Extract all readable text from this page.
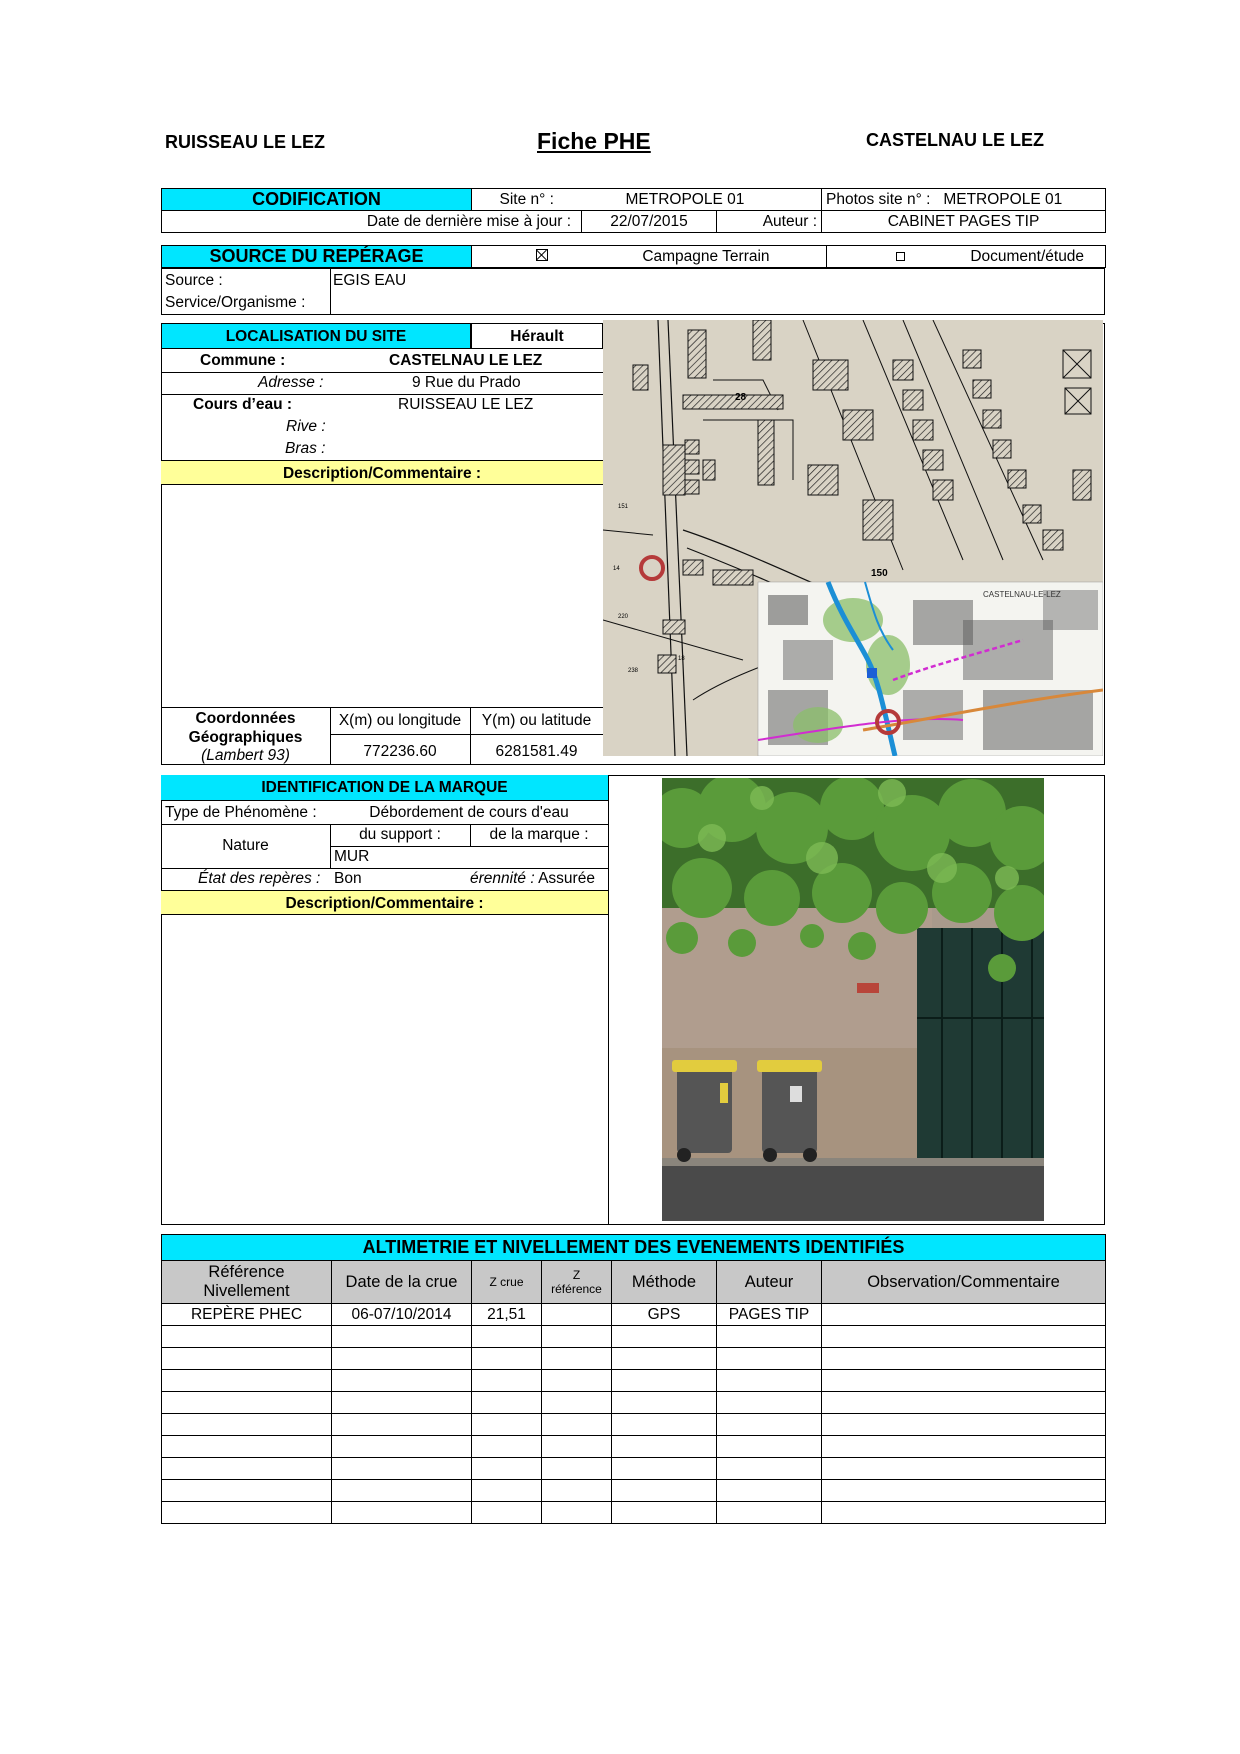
RUISSEAU LE LEZ	Fiche PHE	CASTELNAU LE LEZ
CODIFICATION	Site n° :	METROPOLE 01		Photos site n° : METROPOLE 01
Date de dernière mise à jour :		22/07/2015	Auteur :	CABINET PAGES TIP
SOURCE DU REPÉRAGE	Campagne Terrain	Document/étude
Source :	EGIS EAU
Service/Organisme :
LOCALISATION DU SITE	Hérault
Commune :	CASTELNAU LE LEZ
Adresse :	9 Rue du Prado
Cours d’eau :	RUISSEAU LE LEZ
Rive :
Bras :
Description/Commentaire :
Coordonnées
Géographiques
(Lambert 93)
X(m) ou longitude	Y(m) ou latitude
772236.60	6281581.49
28
150
220
18
14
238
151
CASTELNAU-LE-LEZ
IDENTIFICATION DE LA MARQUE
Type de Phénomène :	Débordement de cours d'eau
Nature
du support :	de la marque :
MUR
État des repères : Bon	érennité : Assurée
Description/Commentaire :
ALTIMETRIE ET NIVELLEMENT DES EVENEMENTS IDENTIFIÉS						
Référence Nivellement	Date de la crue	Z crue	Z référence	Méthode	Auteur	Observation/Commentaire
REPÈRE PHEC	06-07/10/2014	21,51		GPS	PAGES TIP	
